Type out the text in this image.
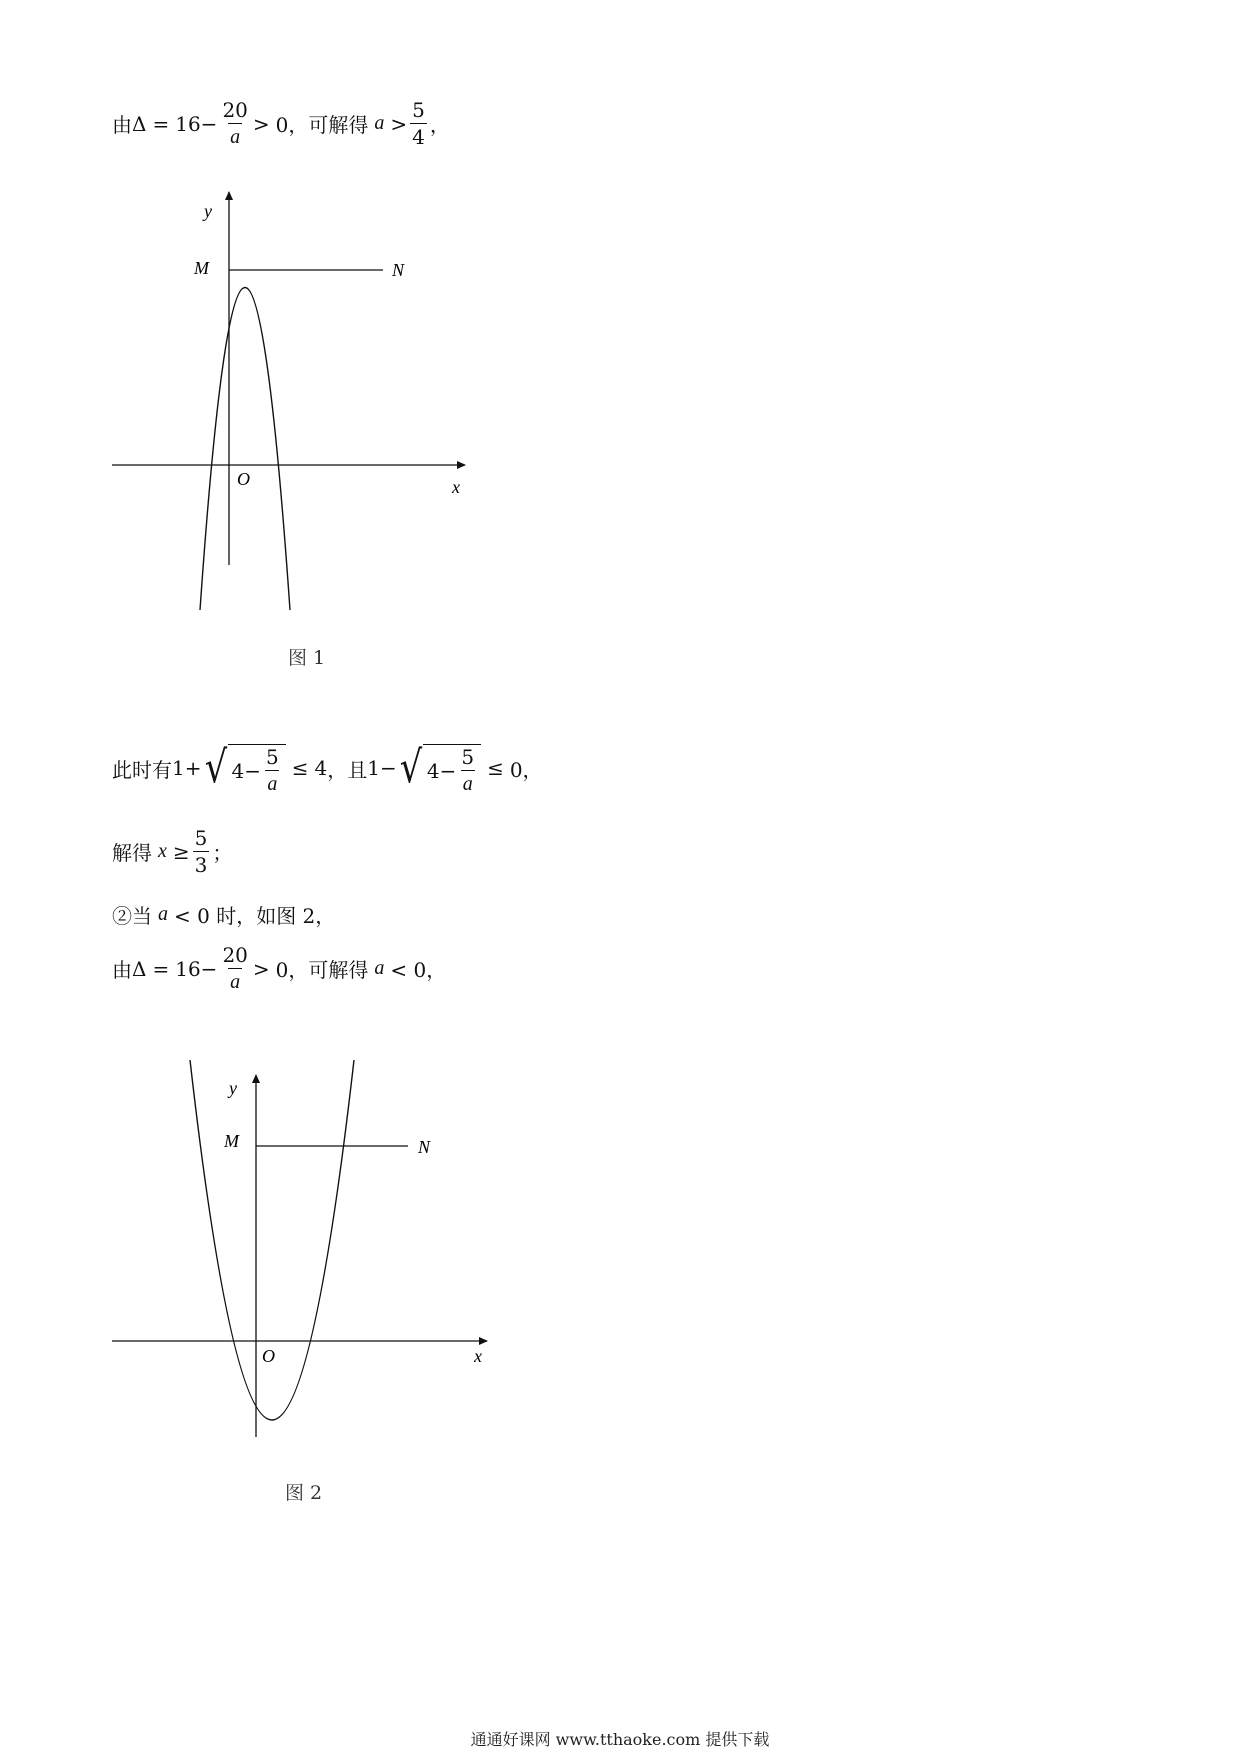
由 $\Delta = 16 - \frac{20}{a} > 0$， 可解得 $a > \frac{5}{4}$ ，
y
M	N
O	x
图 1
此时有 1 + √ $4 - \frac{5}{a} \le 4$ ，且 1 − √ $4 - \frac{5}{a} \le 0$，
解得 $x \ge \frac{5}{3}$ ；
②当 a < 0 时，如图 2，
由 $\Delta = 16 - \frac{20}{a} > 0$， 可解得 a < 0，
y
M	N
O	x
图 2
通通好课网 www.tthaoke.com 提供下载
